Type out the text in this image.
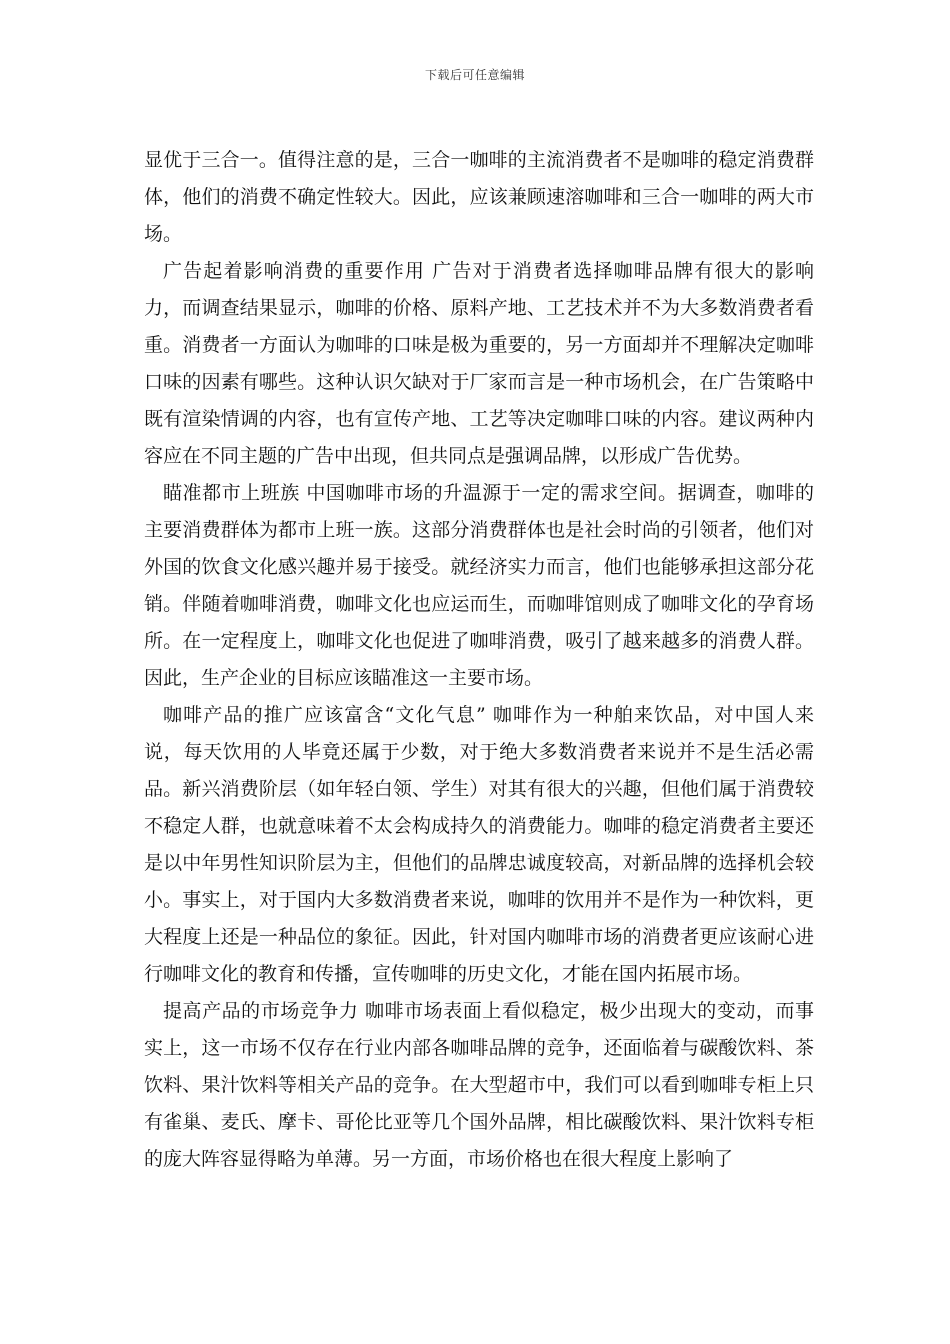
下载后可任意编辑

显优于三合一。值得注意的是，三合一咖啡的主流消费者不是咖啡的稳定消费群体，他们的消费不确定性较大。因此，应该兼顾速溶咖啡和三合一咖啡的两大市场。

广告起着影响消费的重要作用 广告对于消费者选择咖啡品牌有很大的影响力，而调查结果显示，咖啡的价格、原料产地、工艺技术并不为大多数消费者看重。消费者一方面认为咖啡的口味是极为重要的，另一方面却并不理解决定咖啡口味的因素有哪些。这种认识欠缺对于厂家而言是一种市场机会，在广告策略中既有渲染情调的内容，也有宣传产地、工艺等决定咖啡口味的内容。建议两种内容应在不同主题的广告中出现，但共同点是强调品牌，以形成广告优势。

瞄准都市上班族 中国咖啡市场的升温源于一定的需求空间。据调查，咖啡的主要消费群体为都市上班一族。这部分消费群体也是社会时尚的引领者，他们对外国的饮食文化感兴趣并易于接受。就经济实力而言，他们也能够承担这部分花销。伴随着咖啡消费，咖啡文化也应运而生，而咖啡馆则成了咖啡文化的孕育场所。在一定程度上，咖啡文化也促进了咖啡消费，吸引了越来越多的消费人群。因此，生产企业的目标应该瞄准这一主要市场。

咖啡产品的推广应该富含“文化气息” 咖啡作为一种舶来饮品，对中国人来说，每天饮用的人毕竟还属于少数，对于绝大多数消费者来说并不是生活必需品。新兴消费阶层（如年轻白领、学生）对其有很大的兴趣，但他们属于消费较不稳定人群，也就意味着不太会构成持久的消费能力。咖啡的稳定消费者主要还是以中年男性知识阶层为主，但他们的品牌忠诚度较高，对新品牌的选择机会较小。事实上，对于国内大多数消费者来说，咖啡的饮用并不是作为一种饮料，更大程度上还是一种品位的象征。因此，针对国内咖啡市场的消费者更应该耐心进行咖啡文化的教育和传播，宣传咖啡的历史文化，才能在国内拓展市场。

提高产品的市场竞争力 咖啡市场表面上看似稳定，极少出现大的变动，而事实上，这一市场不仅存在行业内部各咖啡品牌的竞争，还面临着与碳酸饮料、茶饮料、果汁饮料等相关产品的竞争。在大型超市中，我们可以看到咖啡专柜上只有雀巢、麦氏、摩卡、哥伦比亚等几个国外品牌，相比碳酸饮料、果汁饮料专柜的庞大阵容显得略为单薄。另一方面，市场价格也在很大程度上影响了
